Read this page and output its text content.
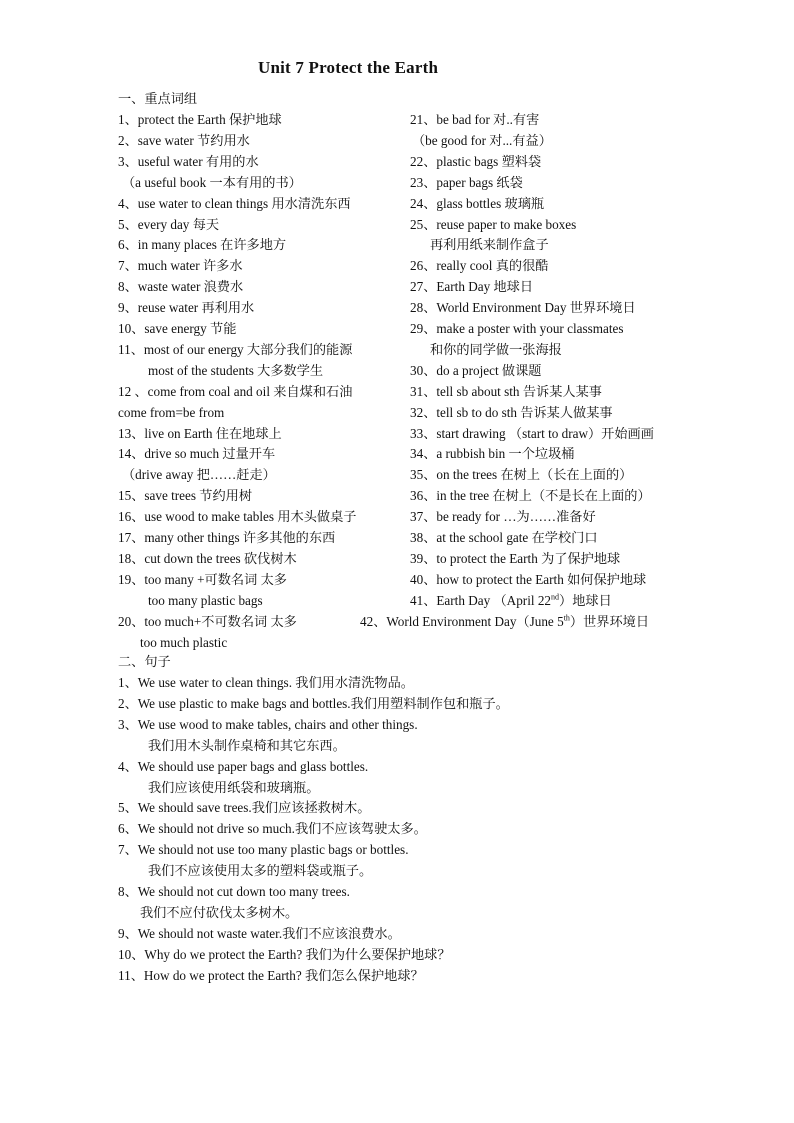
Unit 7 Protect the Earth
一、重点词组
1、protect the Earth 保护地球
2、save water 节约用水
3、useful water 有用的水
（a useful book 一本有用的书）
4、use water to clean things 用水清洗东西
5、every day 每天
6、in many places 在许多地方
7、much water 许多水
8、waste water 浪费水
9、reuse water 再利用水
10、save energy 节能
11、most of our energy 大部分我们的能源
most of the students 大多数学生
12 、come from coal and oil 来自煤和石油
come from=be from
13、live on Earth 住在地球上
14、drive so much 过量开车
（drive away 把……赶走）
15、save trees 节约用树
16、use wood to make tables 用木头做桌子
17、many other things 许多其他的东西
18、cut down the trees 砍伐树木
19、too many +可数名词 太多
too many plastic bags
20、too much+不可数名词 太多
too much plastic
21、be bad for 对..有害
（be good for 对...有益）
22、plastic bags 塑料袋
23、paper bags 纸袋
24、glass bottles 玻璃瓶
25、reuse paper to make boxes
再利用纸来制作盒子
26、really cool 真的很酷
27、Earth Day 地球日
28、World Environment Day 世界环境日
29、make a poster with your classmates
和你的同学做一张海报
30、do a project 做课题
31、tell sb about sth 告诉某人某事
32、tell sb to do sth 告诉某人做某事
33、start drawing （start to draw）开始画画
34、a rubbish bin 一个垃圾桶
35、on the trees 在树上（长在上面的）
36、in the tree 在树上（不是长在上面的）
37、be ready for …为……准备好
38、at the school gate 在学校门口
39、to protect the Earth 为了保护地球
40、how to protect the Earth 如何保护地球
41、Earth Day （April 22nd）地球日
42、World Environment Day（June 5th）世界环境日
二、句子
1、We use water to clean things. 我们用水清洗物品。
2、We use plastic to make bags and bottles.我们用塑料制作包和瓶子。
3、We use wood to make tables, chairs and other things.
我们用木头制作桌椅和其它东西。
4、We should use paper bags and glass bottles.
我们应该使用纸袋和玻璃瓶。
5、We should save trees.我们应该拯救树木。
6、We should not drive so much.我们不应该驾驶太多。
7、We should not use too many plastic bags or bottles.
我们不应该使用太多的塑料袋或瓶子。
8、We should not cut down too many trees.
我们不应付砍伐太多树木。
9、We should not waste water.我们不应该浪费水。
10、Why do we protect the Earth? 我们为什么要保护地球？
11、How do we protect the Earth? 我们怎么保护地球？
